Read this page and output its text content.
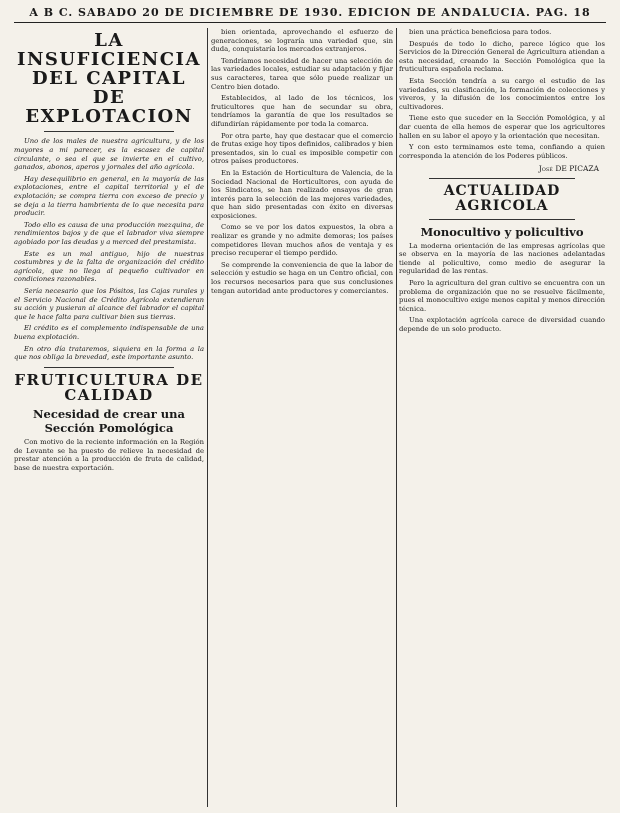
A B C. SABADO 20 DE DICIEMBRE DE 1930. EDICION DE ANDALUCIA. PAG. 18
LA INSUFICIENCIA DEL CAPITAL DE EXPLOTACION

Uno de los males de nuestra agricultura, y de los mayores a mi parecer, es la escasez de capital circulante, o sea el que se invierte en el cultivo, ganados, abonos, aperos y jornales del año agrícola.

Hay desequilibrio en general, en la mayoría de las explotaciones, entre el capital territorial y el de explotación; se compra tierra con exceso de precio y se deja a la tierra hambrienta de lo que necesita para producir.

Todo ello es causa de una producción mezquina, de rendimientos bajos y de que el labrador viva siempre agobiado por las deudas y a merced del prestamista.

Este es un mal antiguo, hijo de nuestras costumbres y de la falta de organización del crédito agrícola, que no llega al pequeño cultivador en condiciones razonables.

Sería necesario que los Pósitos, las Cajas rurales y el Servicio Nacional de Crédito Agrícola extendieran su acción y pusieran al alcance del labrador el capital que le hace falta para cultivar bien sus tierras.

El crédito es el complemento indispensable de una buena explotación.

En otro día trataremos, siquiera en la forma a la que nos obliga la brevedad, este importante asunto.

FRUTICULTURA DE CALIDAD
Necesidad de crear una Sección Pomológica

Con motivo de la reciente información en la Región de Levante se ha puesto de relieve la necesidad de prestar atención a la producción de fruta de calidad, base de nuestra exportación.

bien orientada, aprovechando el esfuerzo de generaciones, se lograría una variedad que, sin duda, conquistaría los mercados extranjeros.

Tendríamos necesidad de hacer una selección de las variedades locales, estudiar su adaptación y fijar sus caracteres, tarea que sólo puede realizar un Centro bien dotado.

Establecidos, al lado de los técnicos, los fruticultores que han de secundar su obra, tendríamos la garantía de que los resultados se difundirían rápidamente por toda la comarca.

Por otra parte, hay que destacar que el comercio de frutas exige hoy tipos definidos, calibrados y bien presentados, sin lo cual es imposible competir con otros países productores.

En la Estación de Horticultura de Valencia, de la Sociedad Nacional de Horticultores, con ayuda de los Sindicatos, se han realizado ensayos de gran interés para la selección de las mejores variedades, que han sido presentadas con éxito en diversas exposiciones.

Como se ve por los datos expuestos, la obra a realizar es grande y no admite demoras; los países competidores llevan muchos años de ventaja y es preciso recuperar el tiempo perdido.

Se comprende la conveniencia de que la labor de selección y estudio se haga en un Centro oficial, con los recursos necesarios para que sus conclusiones tengan autoridad ante productores y comerciantes.

bien una práctica beneficiosa para todos.

Después de todo lo dicho, parece lógico que los Servicios de la Dirección General de Agricultura atiendan a esta necesidad, creando la Sección Pomológica que la fruticultura española reclama.

Esta Sección tendría a su cargo el estudio de las variedades, su clasificación, la formación de colecciones y viveros, y la difusión de los conocimientos entre los cultivadores.

Tiene esto que suceder en la Sección Pomológica, y al dar cuenta de ella hemos de esperar que los agricultores hallen en su labor el apoyo y la orientación que necesitan.

Y con esto terminamos este tema, confiando a quien corresponda la atención de los Poderes públicos.

José DE PICAZA
ACTUALIDAD AGRICOLA
Monocultivo y policultivo

La moderna orientación de las empresas agrícolas que se observa en la mayoría de las naciones adelantadas tiende al policultivo, como medio de asegurar la regularidad de las rentas.

Pero la agricultura del gran cultivo se encuentra con un problema de organización que no se resuelve fácilmente, pues el monocultivo exige menos capital y menos dirección técnica.

Una explotación agrícola carece de diversidad cuando depende de un solo producto.
